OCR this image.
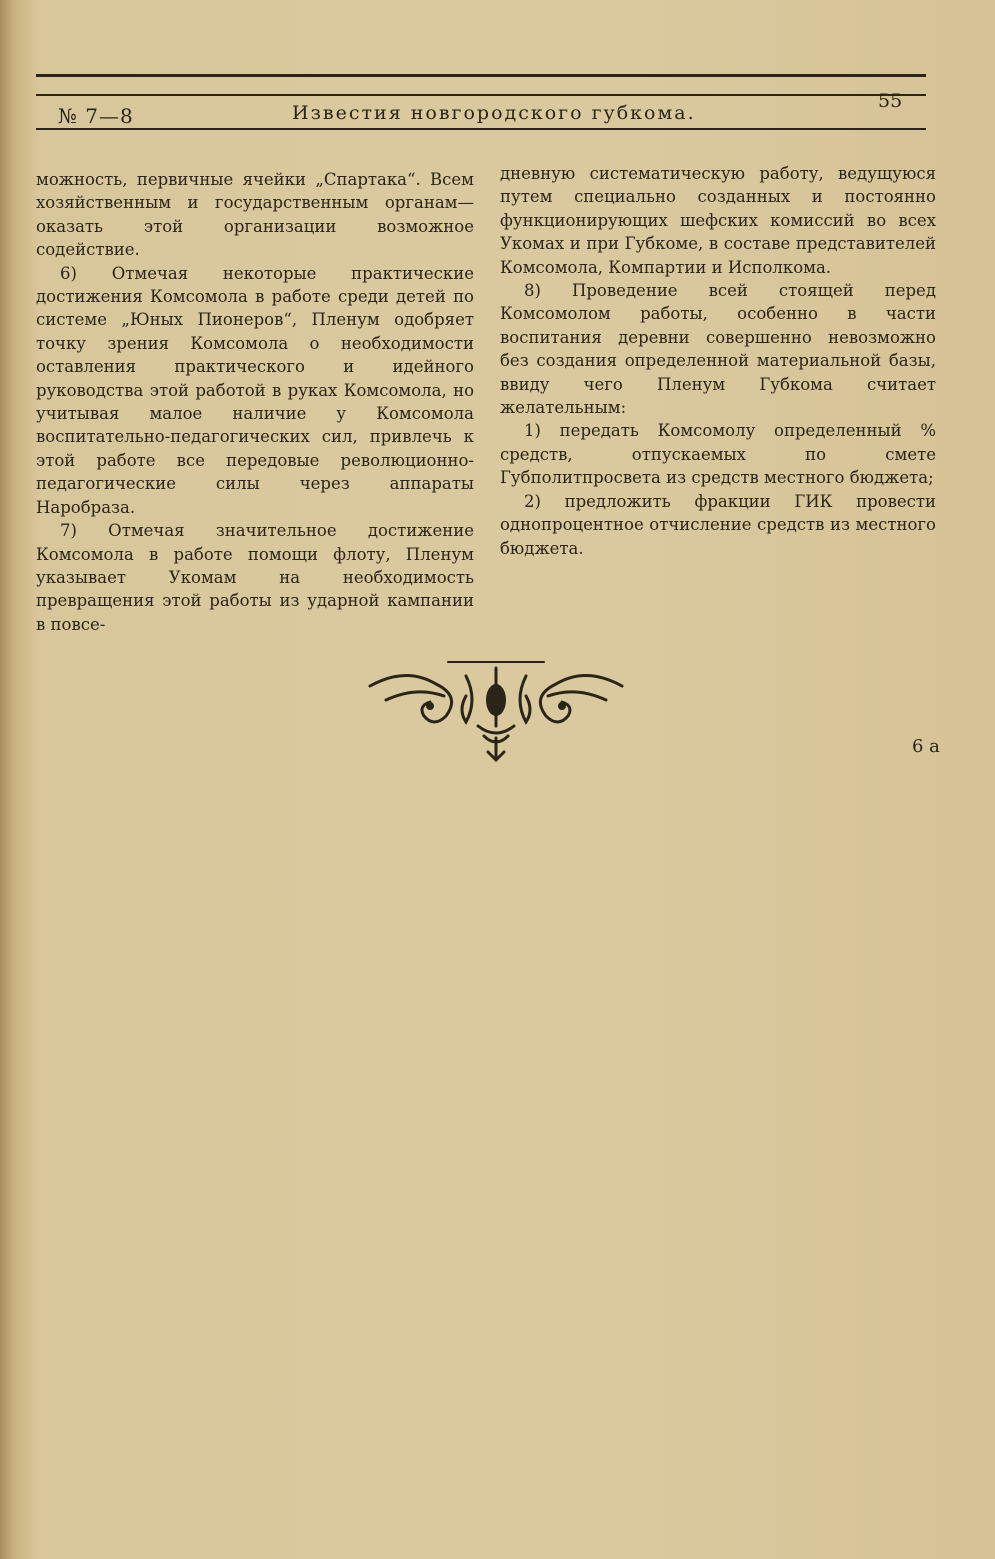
№ 7—8	Известия новгородского губкома.
55

можность, первичные ячейки „Спартака“. Всем хозяйственным и государственным органам—оказать этой организации возможное содействие.

6) Отмечая некоторые практические достижения Комсомола в работе среди детей по системе „Юных Пионеров“, Пленум одобряет точку зрения Комсомола о необходимости оставления практического и идейного руководства этой работой в руках Комсомола, но учитывая малое наличие у Комсомола воспитательно-педагогических сил, привлечь к этой работе все передовые революционно-педагогические силы через аппараты Наробраза.

7) Отмечая значительное достижение Комсомола в работе помощи флоту, Пленум указывает Укомам на необходимость превращения этой работы из ударной кампании в повсе-

дневную систематическую работу, ведущуюся путем специально созданных и постоянно функционирующих шефских комиссий во всех Укомах и при Губкоме, в составе представителей Комсомола, Компартии и Исполкома.

8) Проведение всей стоящей перед Комсомолом работы, особенно в части воспитания деревни совершенно невозможно без создания определенной материальной базы, ввиду чего Пленум Губкома считает желательным:

1) передать Комсомолу определенный % средств, отпускаемых по смете Губполитпросвета из средств местного бюджета;

2) предложить фракции ГИК провести однопроцентное отчисление средств из местного бюджета.

6 a
